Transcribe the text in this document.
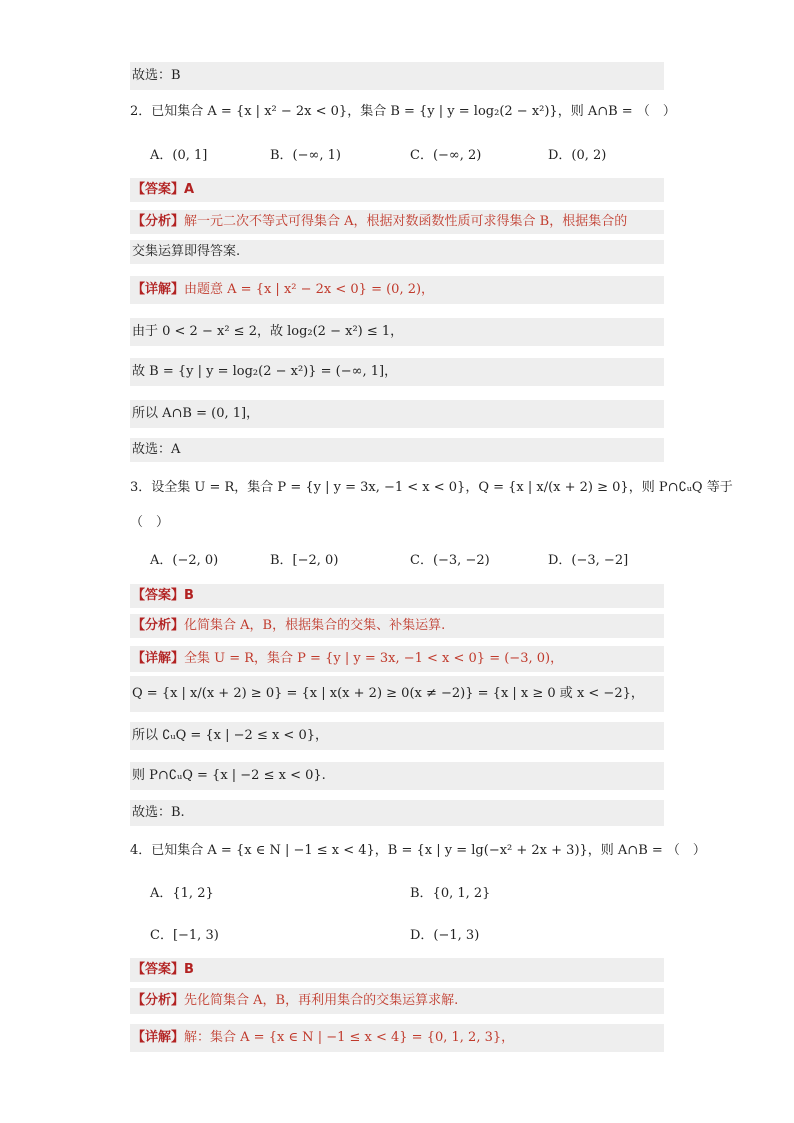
故选：B
2．已知集合 A = {x | x² − 2x < 0}，集合 B = {y | y = log₂(2 − x²)}，则 A∩B = （　）
【答案】A
【分析】解一元二次不等式可得集合 A，根据对数函数性质可求得集合 B，根据集合的
交集运算即得答案.
【详解】由题意 A = {x | x² − 2x < 0} = (0, 2)，
由于 0 < 2 − x² ≤ 2，故 log₂(2 − x²) ≤ 1，
故 B = {y | y = log₂(2 − x²)} = (−∞, 1]，
所以 A∩B = (0, 1]，
故选：A
3．设全集 U = R，集合 P = {y | y = 3x, −1 < x < 0}，Q = {x | x/(x + 2) ≥ 0}，则 P∩∁ᵤQ 等于
（　）
【答案】B
【分析】化简集合 A，B，根据集合的交集、补集运算.
【详解】全集 U = R，集合 P = {y | y = 3x, −1 < x < 0} = (−3, 0)，
Q = {x | x/(x + 2) ≥ 0} = {x | x(x + 2) ≥ 0(x ≠ −2)} = {x | x ≥ 0 或 x < −2}，
所以 ∁ᵤQ = {x | −2 ≤ x < 0}，
则 P∩∁ᵤQ = {x | −2 ≤ x < 0}.
故选：B.
4．已知集合 A = {x ∈ N | −1 ≤ x < 4}，B = {x | y = lg(−x² + 2x + 3)}，则 A∩B = （　）
【答案】B
【分析】先化简集合 A，B，再利用集合的交集运算求解.
【详解】解：集合 A = {x ∈ N | −1 ≤ x < 4} = {0, 1, 2, 3}，
A．(0, 1]	B．(−∞, 1)	C．(−∞, 2)	D．(0, 2)
A．(−2, 0)	B．[−2, 0)	C．(−3, −2)	D．(−3, −2]
A．{1, 2}	B．{0, 1, 2}
C．[−1, 3)	D．(−1, 3)
